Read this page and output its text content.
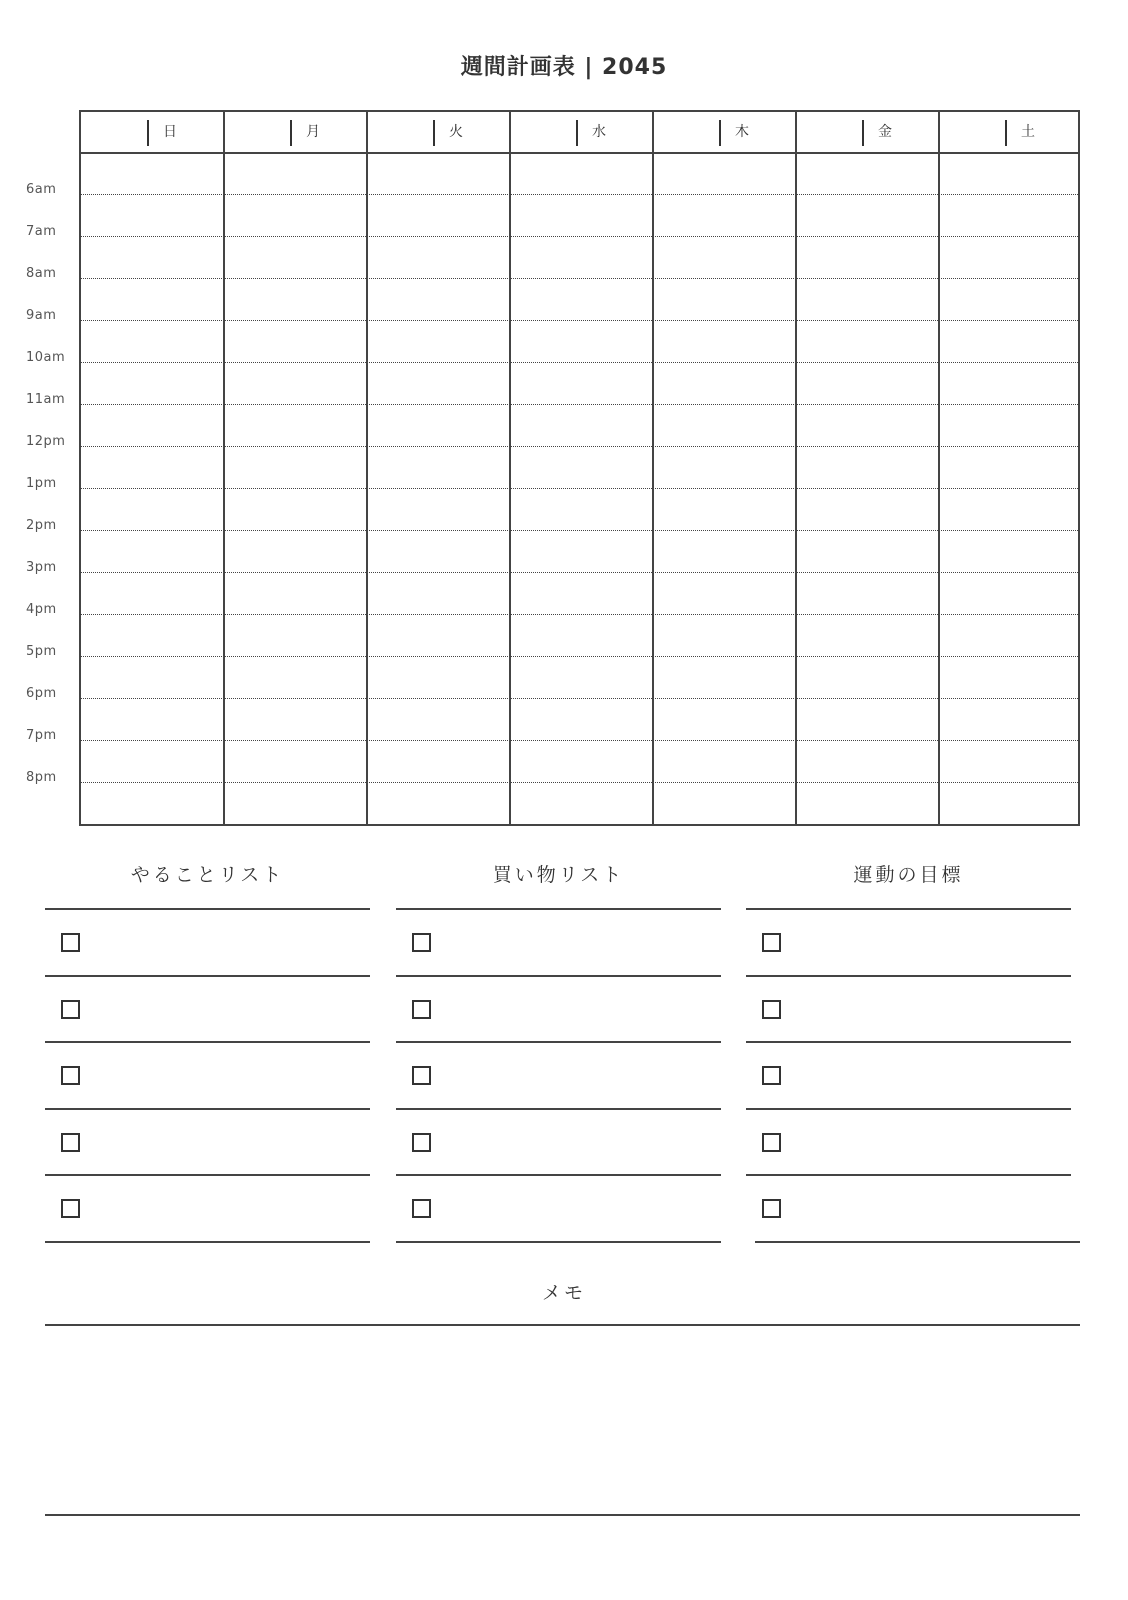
週間計画表 | 2045
日	月	火	水	木	金	土
6am
7am
8am
9am
10am
11am
12pm
1pm
2pm
3pm
4pm
5pm
6pm
7pm
8pm
やることリスト	買い物リスト	運動の目標
メモ
